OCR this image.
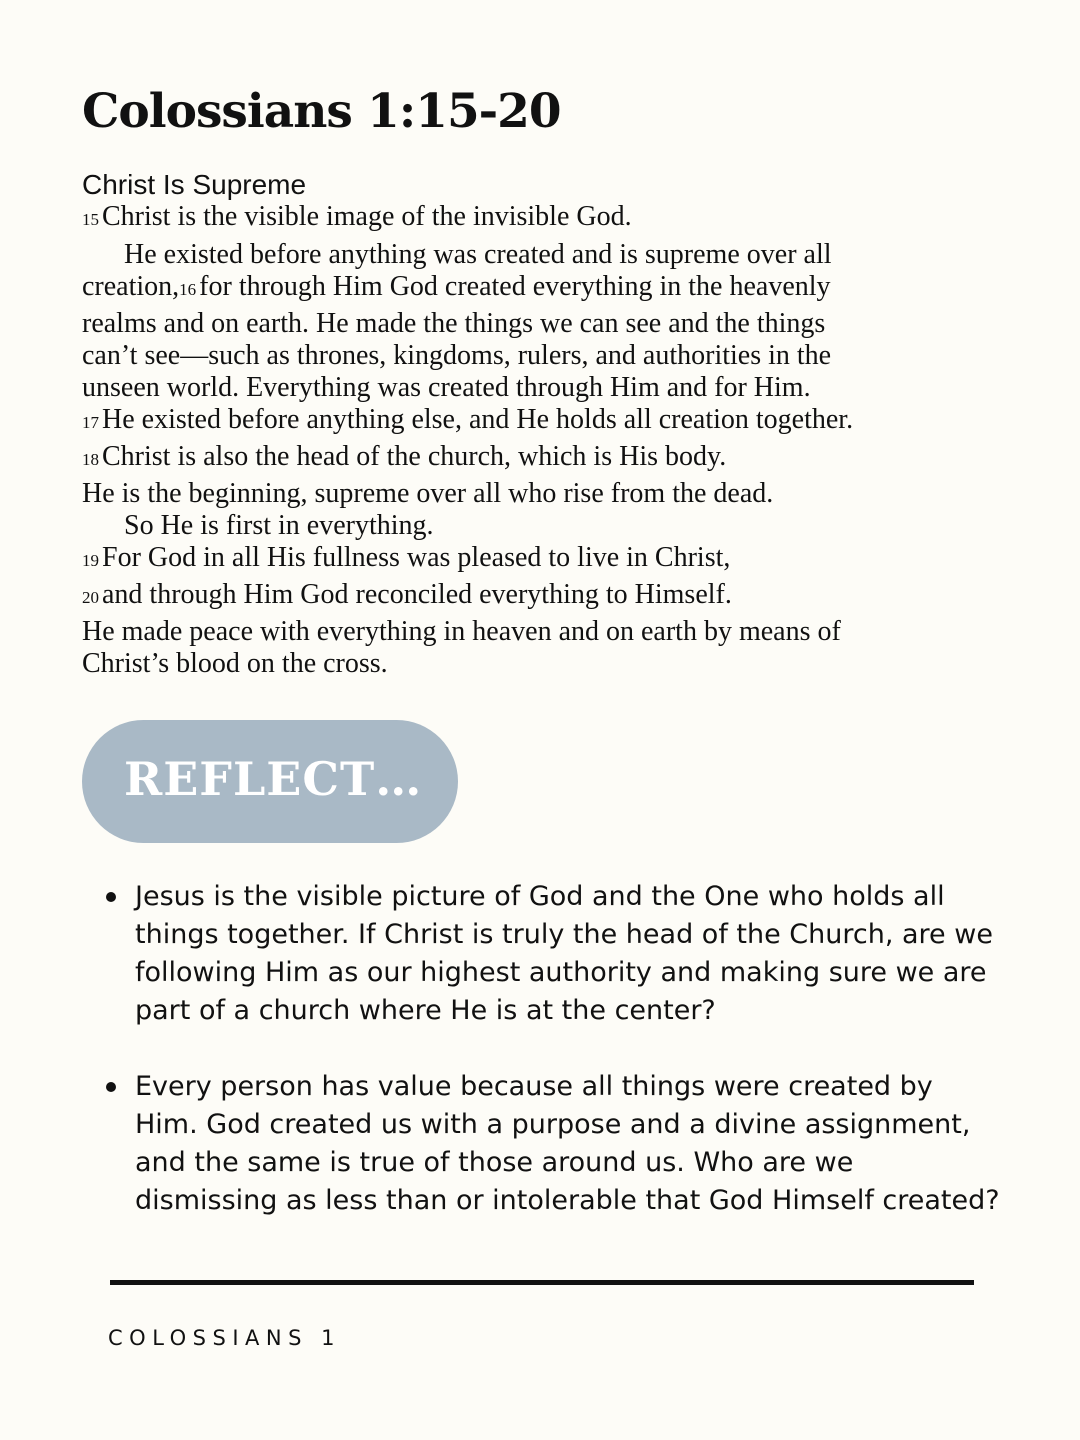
Colossians 1:15-20
Christ Is Supreme
15 Christ is the visible image of the invisible God.
He existed before anything was created and is supreme over all
creation,16 for through Him God created everything in the heavenly
realms and on earth. He made the things we can see and the things
can’t see—such as thrones, kingdoms, rulers, and authorities in the
unseen world. Everything was created through Him and for Him.
17 He existed before anything else, and He holds all creation together.
18 Christ is also the head of the church, which is His body.
He is the beginning, supreme over all who rise from the dead.
So He is first in everything.
19 For God in all His fullness was pleased to live in Christ,
20 and through Him God reconciled everything to Himself.
He made peace with everything in heaven and on earth by means of
Christ’s blood on the cross.
REFLECT…
Jesus is the visible picture of God and the One who holds all things together. If Christ is truly the head of the Church, are we following Him as our highest authority and making sure we are part of a church where He is at the center?
Every person has value because all things were created by Him. God created us with a purpose and a divine assignment, and the same is true of those around us. Who are we dismissing as less than or intolerable that God Himself created?
COLOSSIANS 1
